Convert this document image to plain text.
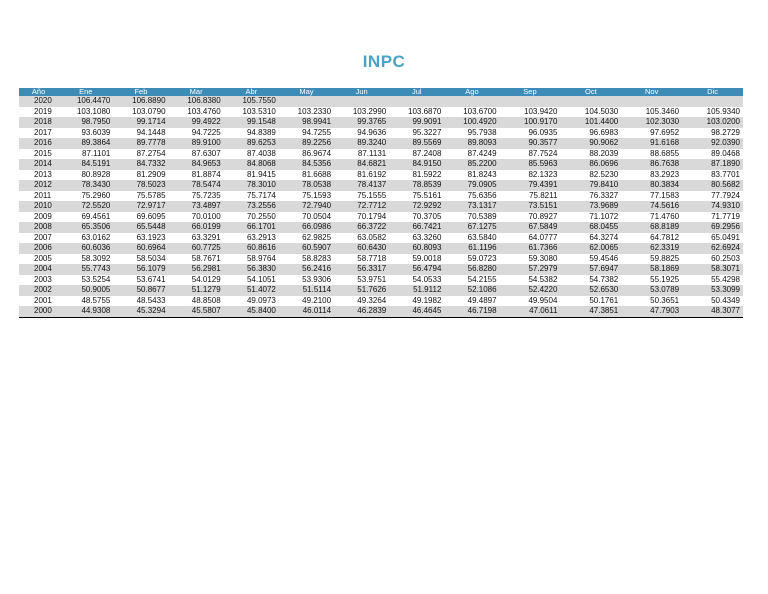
INPC
Año	Ene	Feb	Mar	Abr	May	Jun	Jul	Ago	Sep	Oct	Nov	Dic
2020	106.4470	106.8890	106.8380	105.7550								
2019	103.1080	103.0790	103.4760	103.5310	103.2330	103.2990	103.6870	103.6700	103.9420	104.5030	105.3460	105.9340
2018	98.7950	99.1714	99.4922	99.1548	98.9941	99.3765	99.9091	100.4920	100.9170	101.4400	102.3030	103.0200
2017	93.6039	94.1448	94.7225	94.8389	94.7255	94.9636	95.3227	95.7938	96.0935	96.6983	97.6952	98.2729
2016	89.3864	89.7778	89.9100	89.6253	89.2256	89.3240	89.5569	89.8093	90.3577	90.9062	91.6168	92.0390
2015	87.1101	87.2754	87.6307	87.4038	86.9674	87.1131	87.2408	87.4249	87.7524	88.2039	88.6855	89.0468
2014	84.5191	84.7332	84.9653	84.8068	84.5356	84.6821	84.9150	85.2200	85.5963	86.0696	86.7638	87.1890
2013	80.8928	81.2909	81.8874	81.9415	81.6688	81.6192	81.5922	81.8243	82.1323	82.5230	83.2923	83.7701
2012	78.3430	78.5023	78.5474	78.3010	78.0538	78.4137	78.8539	79.0905	79.4391	79.8410	80.3834	80.5682
2011	75.2960	75.5785	75.7235	75.7174	75.1593	75.1555	75.5161	75.6356	75.8211	76.3327	77.1583	77.7924
2010	72.5520	72.9717	73.4897	73.2556	72.7940	72.7712	72.9292	73.1317	73.5151	73.9689	74.5616	74.9310
2009	69.4561	69.6095	70.0100	70.2550	70.0504	70.1794	70.3705	70.5389	70.8927	71.1072	71.4760	71.7719
2008	65.3506	65.5448	66.0199	66.1701	66.0986	66.3722	66.7421	67.1275	67.5849	68.0455	68.8189	69.2956
2007	63.0162	63.1923	63.3291	63.2913	62.9825	63.0582	63.3260	63.5840	64.0777	64.3274	64.7812	65.0491
2006	60.6036	60.6964	60.7725	60.8616	60.5907	60.6430	60.8093	61.1196	61.7366	62.0065	62.3319	62.6924
2005	58.3092	58.5034	58.7671	58.9764	58.8283	58.7718	59.0018	59.0723	59.3080	59.4546	59.8825	60.2503
2004	55.7743	56.1079	56.2981	56.3830	56.2416	56.3317	56.4794	56.8280	57.2979	57.6947	58.1869	58.3071
2003	53.5254	53.6741	54.0129	54.1051	53.9306	53.9751	54.0533	54.2155	54.5382	54.7382	55.1925	55.4298
2002	50.9005	50.8677	51.1279	51.4072	51.5114	51.7626	51.9112	52.1086	52.4220	52.6530	53.0789	53.3099
2001	48.5755	48.5433	48.8508	49.0973	49.2100	49.3264	49.1982	49.4897	49.9504	50.1761	50.3651	50.4349
2000	44.9308	45.3294	45.5807	45.8400	46.0114	46.2839	46.4645	46.7198	47.0611	47.3851	47.7903	48.3077
